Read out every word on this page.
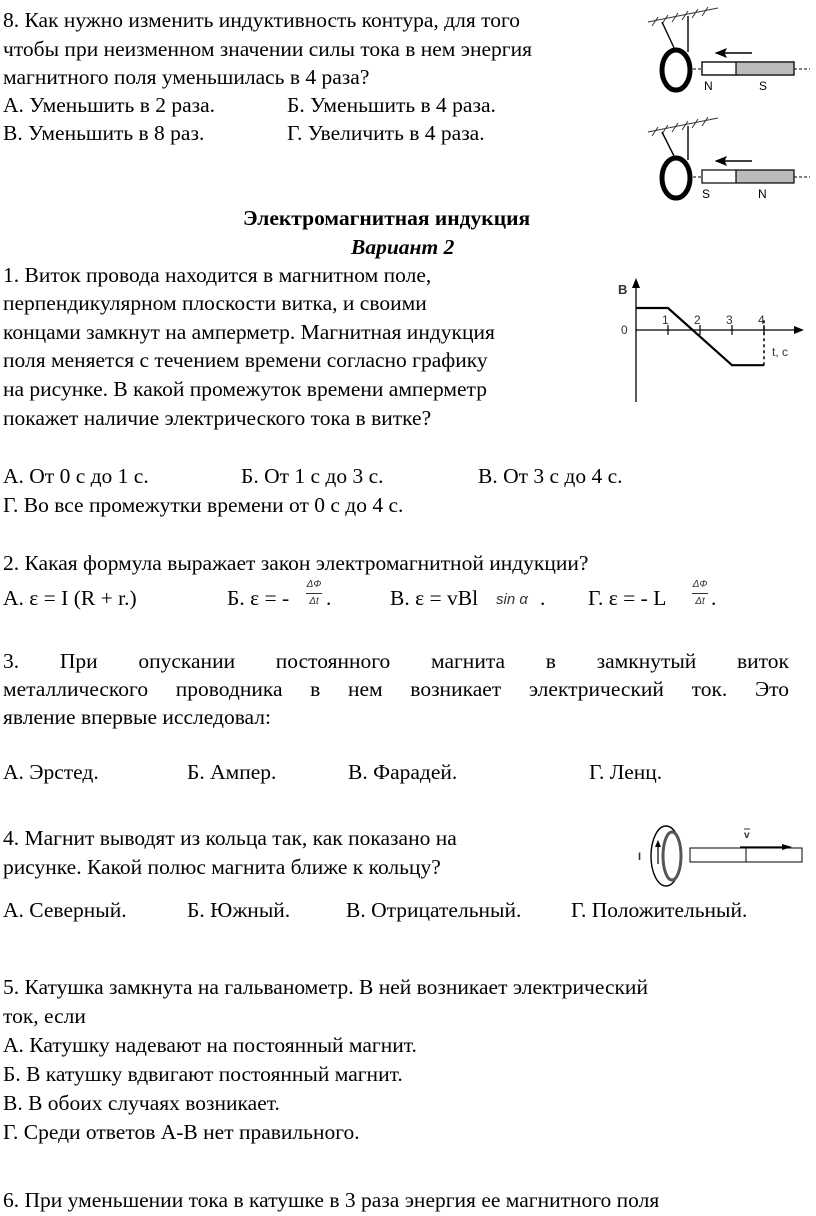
8. Как нужно изменить индуктивность контура, для того
чтобы при неизменном значении силы тока в нем энергия
магнитного поля уменьшилась в 4 раза?
А. Уменьшить в 2 раза.	Б. Уменьшить в 4 раза.
В. Уменьшить в 8 раз.	Г. Увеличить в 4 раза.
N	S
S	N
Электромагнитная индукция
Вариант 2
1. Виток провода находится в магнитном поле,
перпендикулярном плоскости витка, и своими
концами замкнут на амперметр. Магнитная индукция
поля меняется с течением времени согласно графику
на рисунке. В какой промежуток времени амперметр
покажет наличие электрического тока в витке?
А. От 0 с до 1 с.	Б. От 1 с до 3 с.	В. От 3 с до 4 с.
Г. Во все промежутки времени от 0 с до 4 с.
1 2 3 4
B
0
t, c
2. Какая формула выражает закон электромагнитной индукции?
А. ε = I (R + r.)	Б. ε = -
ΔФ
Δt .	В. ε = vBl sin α . Г. ε = - L
ΔФ
Δt .
3. При опускании постоянного магнита в замкнутый виток
металлического проводника в нем возникает электрический ток. Это
явление впервые исследовал:
А. Эрстед.	Б. Ампер.	В. Фарадей.	Г. Ленц.
4. Магнит выводят из кольца так, как показано на
рисунке. Какой полюс магнита ближе к кольцу?
А. Северный.	Б. Южный.	В. Отрицательный. Г. Положительный.
I
v
5. Катушка замкнута на гальванометр. В ней возникает электрический
ток, если
А. Катушку надевают на постоянный магнит.
Б. В катушку вдвигают постоянный магнит.
В. В обоих случаях возникает.
Г. Среди ответов А-В нет правильного.
6. При уменьшении тока в катушке в 3 раза энергия ее магнитного поля
